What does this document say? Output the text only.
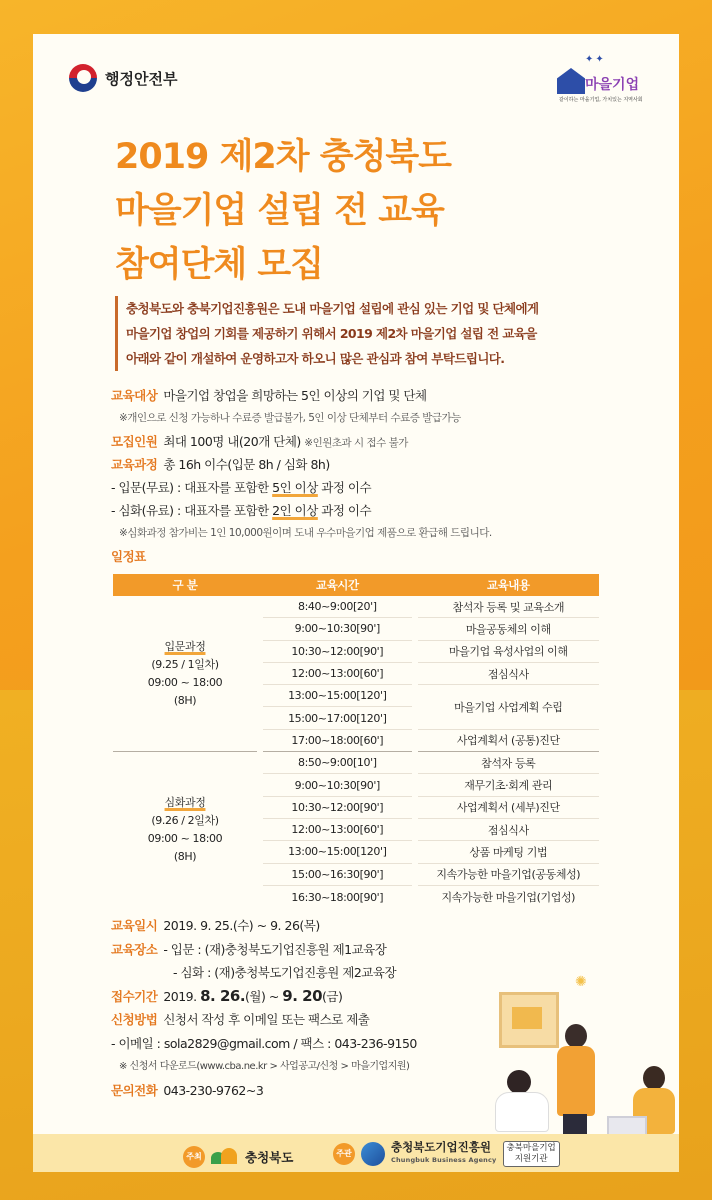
행정안전부
✦✦
마을기업
같이하는 마을기업, 가치있는 지역사회
2019 제2차 충청북도
마을기업 설립 전 교육
참여단체 모집
충청북도와 충북기업진흥원은 도내 마을기업 설립에 관심 있는 기업 및 단체에게
마을기업 창업의 기회를 제공하기 위해서 2019 제2차 마을기업 설립 전 교육을
아래와 같이 개설하여 운영하고자 하오니 많은 관심과 참여 부탁드립니다.
교육대상 마을기업 창업을 희망하는 5인 이상의 기업 및 단체
※개인으로 신청 가능하나 수료증 발급불가, 5인 이상 단체부터 수료증 발급가능
모집인원 최대 100명 내(20개 단체) ※인원초과 시 접수 불가
교육과정 총 16h 이수(입문 8h / 심화 8h)
- 입문(무료) : 대표자를 포함한 5인 이상 과정 이수
- 심화(유료) : 대표자를 포함한 2인 이상 과정 이수
※심화과정 참가비는 1인 10,000원이며 도내 우수마을기업 제품으로 환급해 드립니다.
일정표
구 분		교육시간		교육내용

입문과정
(9.25 / 1일차)
09:00 ~ 18:00
(8H)		8:40~9:00[20']		참석자 등록 및 교육소개
		9:00~10:30[90']		마을공동체의 이해
		10:30~12:00[90']		마을기업 육성사업의 이해
		12:00~13:00[60']		점심식사
		13:00~15:00[120']		마을기업 사업계획 수립
		15:00~17:00[120']		
		17:00~18:00[60']		사업계획서 (공통)진단

심화과정
(9.26 / 2일차)
09:00 ~ 18:00
(8H)		8:50~9:00[10']		참석자 등록
		9:00~10:30[90']		재무기초·회계 관리
		10:30~12:00[90']		사업계획서 (세부)진단
		12:00~13:00[60']		점심식사
		13:00~15:00[120']		상품 마케팅 기법
		15:00~16:30[90']		지속가능한 마을기업(공동체성)
		16:30~18:00[90']		지속가능한 마을기업(기업성)
교육일시 2019. 9. 25.(수) ~ 9. 26(목)
교육장소 - 입문 : (재)충청북도기업진흥원 제1교육장
- 심화 : (재)충청북도기업진흥원 제2교육장
접수기간 2019. 8. 26.(월) ~ 9. 20(금)
신청방법 신청서 작성 후 이메일 또는 팩스로 제출
- 이메일 : sola2829@gmail.com / 팩스 : 043-236-9150
※ 신청서 다운로드(www.cba.ne.kr > 사업공고/신청 > 마을기업지원)
문의전화 043-230-9762~3
✺
주최	충청북도	주관	충청북도기업진흥원
Chungbuk Business Agency
충북마을기업
지원기관
